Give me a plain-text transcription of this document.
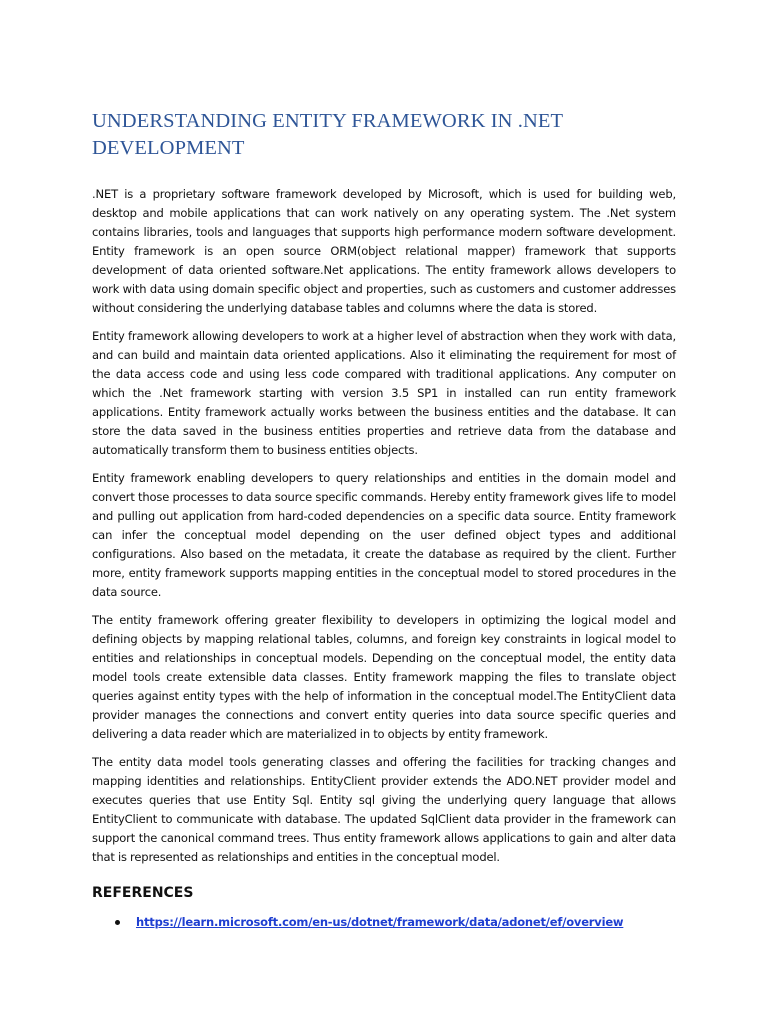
UNDERSTANDING ENTITY FRAMEWORK IN .NET DEVELOPMENT

.NET is a proprietary software framework developed by Microsoft, which is used for building web, desktop and mobile applications that can work natively on any operating system. The .Net system contains libraries, tools and languages that supports high performance modern software development. Entity framework is an open source ORM(object relational mapper) framework that supports development of data oriented software.Net applications. The entity framework allows developers to work with data using domain specific object and properties, such as customers and customer addresses without considering the underlying database tables and columns where the data is stored.

Entity framework allowing developers to work at a higher level of abstraction when they work with data, and can build and maintain data oriented applications. Also it eliminating the requirement for most of the data access code and using less code compared with traditional applications. Any computer on which the .Net framework starting with version 3.5 SP1 in installed can run entity framework applications. Entity framework actually works between the business entities and the database. It can store the data saved in the business entities properties and retrieve data from the database and automatically transform them to business entities objects.

Entity framework enabling developers to query relationships and entities in the domain model and convert those processes to data source specific commands. Hereby entity framework gives life to model and pulling out application from hard-coded dependencies on a specific data source. Entity framework can infer the conceptual model depending on the user defined object types and additional configurations. Also based on the metadata, it create the database as required by the client. Further more, entity framework supports mapping entities in the conceptual model to stored procedures in the data source.

The entity framework offering greater flexibility to developers in optimizing the logical model and defining objects by mapping relational tables, columns, and foreign key constraints in logical model to entities and relationships in conceptual models. Depending on the conceptual model, the entity data model tools create extensible data classes. Entity framework mapping the files to translate object queries against entity types with the help of information in the conceptual model.The EntityClient data provider manages the connections and convert entity queries into data source specific queries and delivering a data reader which are materialized in to objects by entity framework.

The entity data model tools generating classes and offering the facilities for tracking changes and mapping identities and relationships. EntityClient provider extends the ADO.NET provider model and executes queries that use Entity Sql. Entity sql giving the underlying query language that allows EntityClient to communicate with database. The updated SqlClient data provider in the framework can support the canonical command trees. Thus entity framework allows applications to gain and alter data that is represented as relationships and entities in the conceptual model.

REFERENCES
https://learn.microsoft.com/en-us/dotnet/framework/data/adonet/ef/overview
